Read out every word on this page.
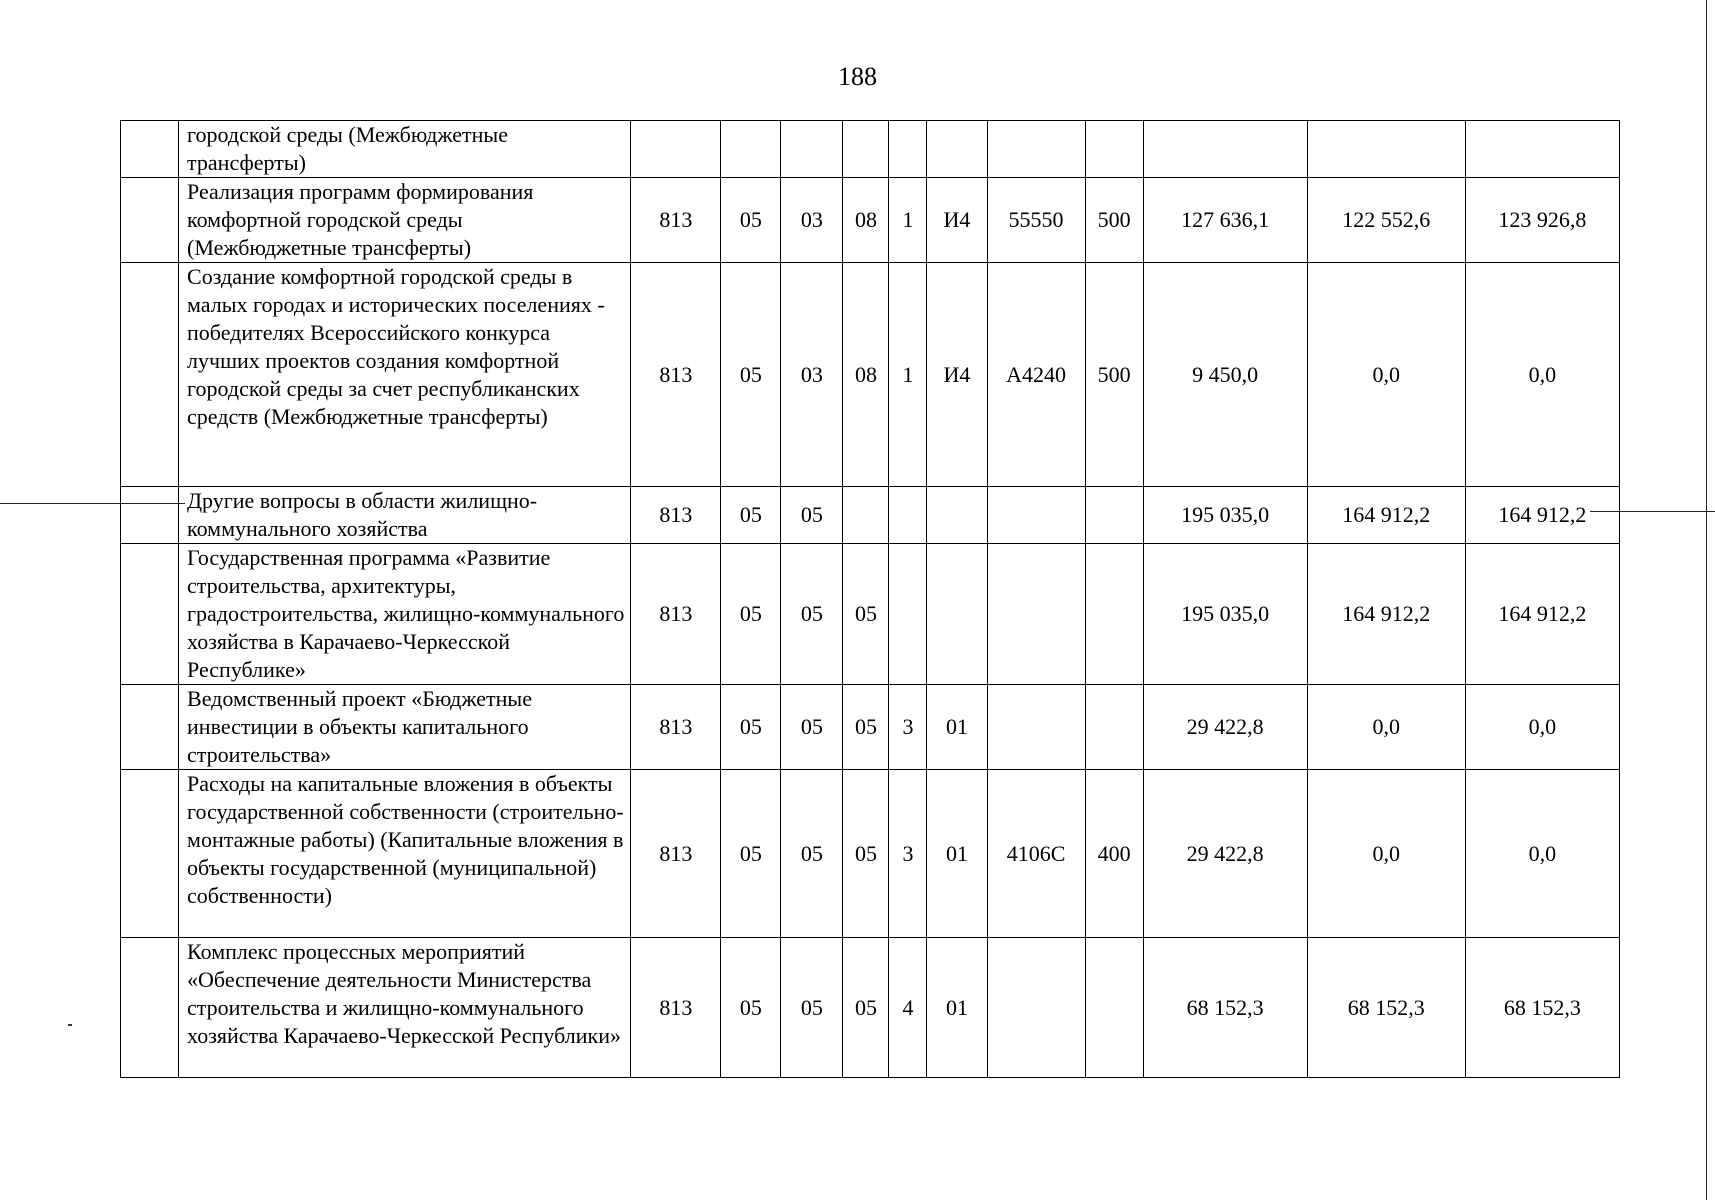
188
	городской среды (Межбюджетные трансферты)											
	Реализация программ формирования комфортной городской среды (Межбюджетные трансферты)	813	05	03	08	1	И4	55550	500	127 636,1	122 552,6	123 926,8
	Создание комфортной городской среды в малых городах и исторических поселениях - победителях Всероссийского конкурса лучших проектов создания комфортной городской среды за счет республиканских средств (Межбюджетные трансферты)	813	05	03	08	1	И4	А4240	500	9 450,0	0,0	0,0
	Другие вопросы в области жилищно-коммунального хозяйства	813	05	05						195 035,0	164 912,2	164 912,2
	Государственная программа «Развитие строительства, архитектуры, градостроительства, жилищно-коммунального хозяйства в Карачаево-Черкесской Республике»	813	05	05	05					195 035,0	164 912,2	164 912,2
	Ведомственный проект «Бюджетные инвестиции в объекты капитального строительства»	813	05	05	05	3	01			29 422,8	0,0	0,0
	Расходы на капитальные вложения в объекты государственной собственности (строительно-монтажные работы) (Капитальные вложения в объекты государственной (муниципальной) собственности)	813	05	05	05	3	01	4106С	400	29 422,8	0,0	0,0
	Комплекс процессных мероприятий «Обеспечение деятельности Министерства строительства и жилищно-коммунального хозяйства Карачаево-Черкесской Республики»	813	05	05	05	4	01			68 152,3	68 152,3	68 152,3
